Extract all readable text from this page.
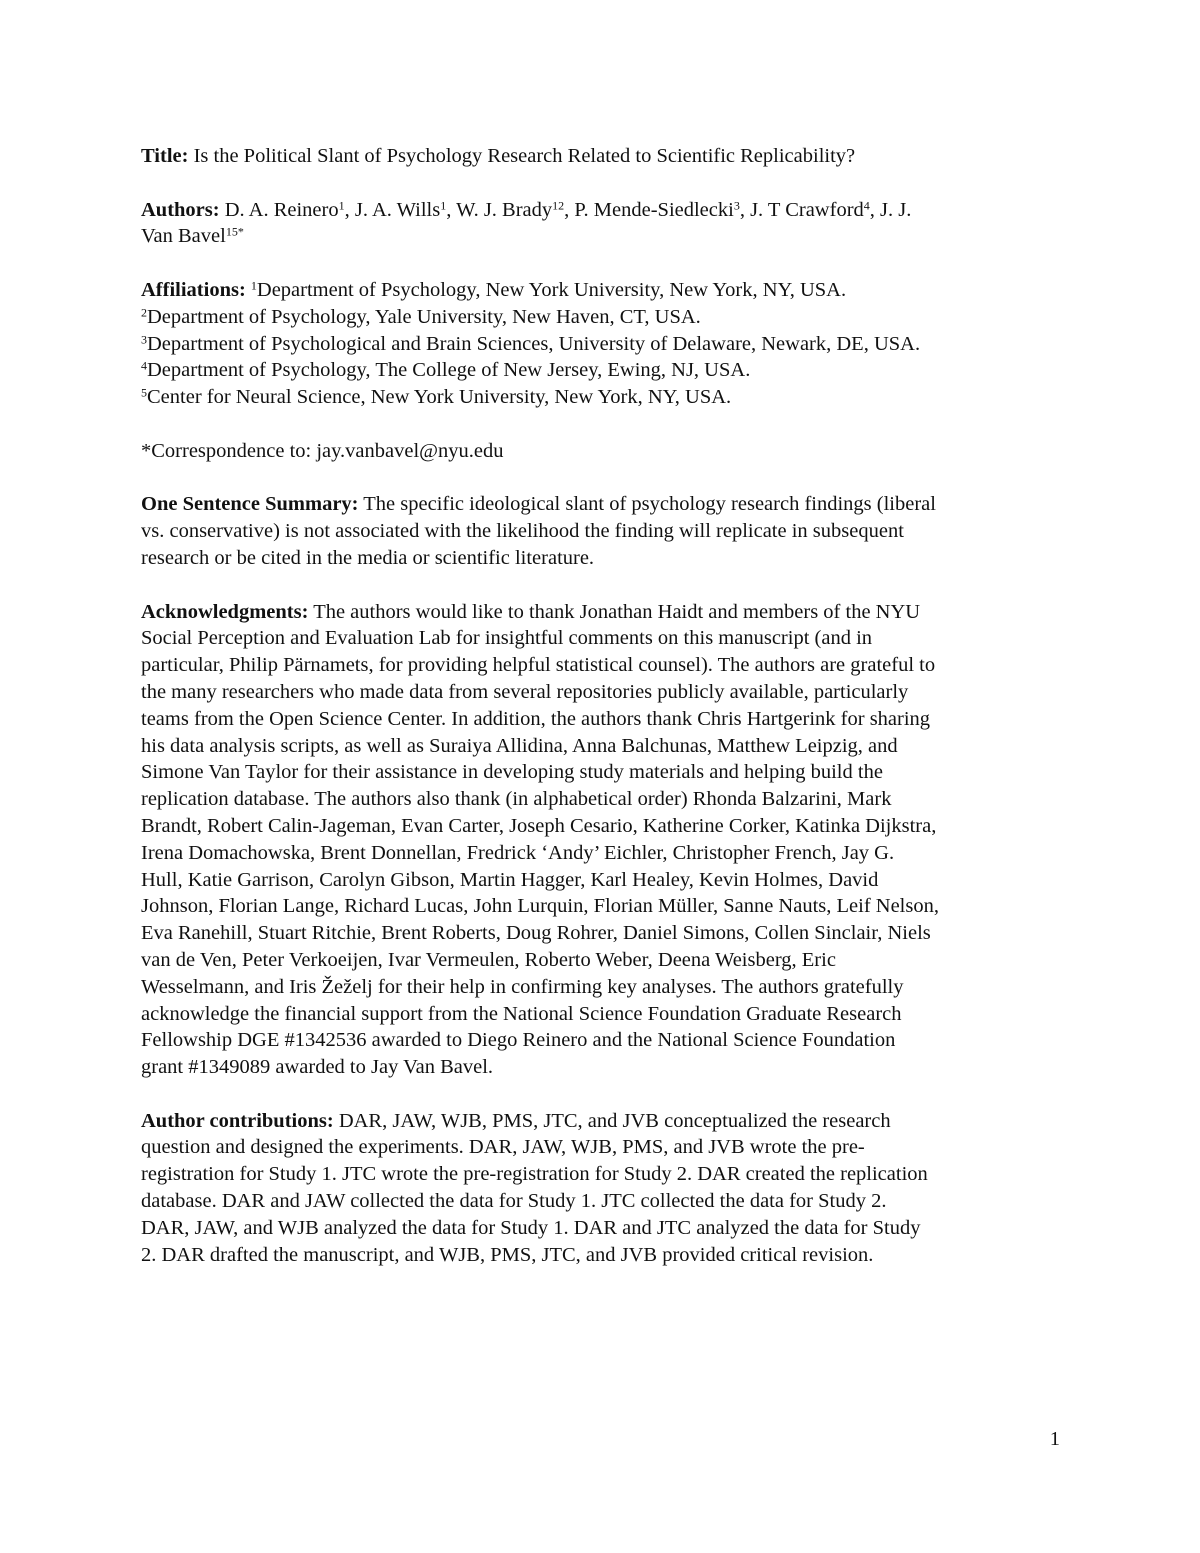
Title: Is the Political Slant of Psychology Research Related to Scientific Replicability?
Authors: D. A. Reinero$^1$, J. A. Wills$^1$, W. J. Brady$^{12}$, P. Mende-Siedlecki$^3$, J. T Crawford$^4$, J. J.
Van Bavel$^{15*}$
Affiliations: $^1$Department of Psychology, New York University, New York, NY, USA.
$^2$Department of Psychology, Yale University, New Haven, CT, USA.
$^3$Department of Psychological and Brain Sciences, University of Delaware, Newark, DE, USA.
$^4$Department of Psychology, The College of New Jersey, Ewing, NJ, USA.
$^5$Center for Neural Science, New York University, New York, NY, USA.
*Correspondence to: jay.vanbavel@nyu.edu
One Sentence Summary: The specific ideological slant of psychology research findings (liberal
vs. conservative) is not associated with the likelihood the finding will replicate in subsequent
research or be cited in the media or scientific literature.
Acknowledgments: The authors would like to thank Jonathan Haidt and members of the NYU
Social Perception and Evaluation Lab for insightful comments on this manuscript (and in
particular, Philip Pärnamets, for providing helpful statistical counsel). The authors are grateful to
the many researchers who made data from several repositories publicly available, particularly
teams from the Open Science Center. In addition, the authors thank Chris Hartgerink for sharing
his data analysis scripts, as well as Suraiya Allidina, Anna Balchunas, Matthew Leipzig, and
Simone Van Taylor for their assistance in developing study materials and helping build the
replication database. The authors also thank (in alphabetical order) Rhonda Balzarini, Mark
Brandt, Robert Calin-Jageman, Evan Carter, Joseph Cesario, Katherine Corker, Katinka Dijkstra,
Irena Domachowska, Brent Donnellan, Fredrick ‘Andy’ Eichler, Christopher French, Jay G.
Hull, Katie Garrison, Carolyn Gibson, Martin Hagger, Karl Healey, Kevin Holmes, David
Johnson, Florian Lange, Richard Lucas, John Lurquin, Florian Müller, Sanne Nauts, Leif Nelson,
Eva Ranehill, Stuart Ritchie, Brent Roberts, Doug Rohrer, Daniel Simons, Collen Sinclair, Niels
van de Ven, Peter Verkoeijen, Ivar Vermeulen, Roberto Weber, Deena Weisberg, Eric
Wesselmann, and Iris Žeželj for their help in confirming key analyses. The authors gratefully
acknowledge the financial support from the National Science Foundation Graduate Research
Fellowship DGE #1342536 awarded to Diego Reinero and the National Science Foundation
grant #1349089 awarded to Jay Van Bavel.
Author contributions: DAR, JAW, WJB, PMS, JTC, and JVB conceptualized the research
question and designed the experiments. DAR, JAW, WJB, PMS, and JVB wrote the pre-
registration for Study 1. JTC wrote the pre-registration for Study 2. DAR created the replication
database. DAR and JAW collected the data for Study 1. JTC collected the data for Study 2.
DAR, JAW, and WJB analyzed the data for Study 1. DAR and JTC analyzed the data for Study
2. DAR drafted the manuscript, and WJB, PMS, JTC, and JVB provided critical revision.
1
